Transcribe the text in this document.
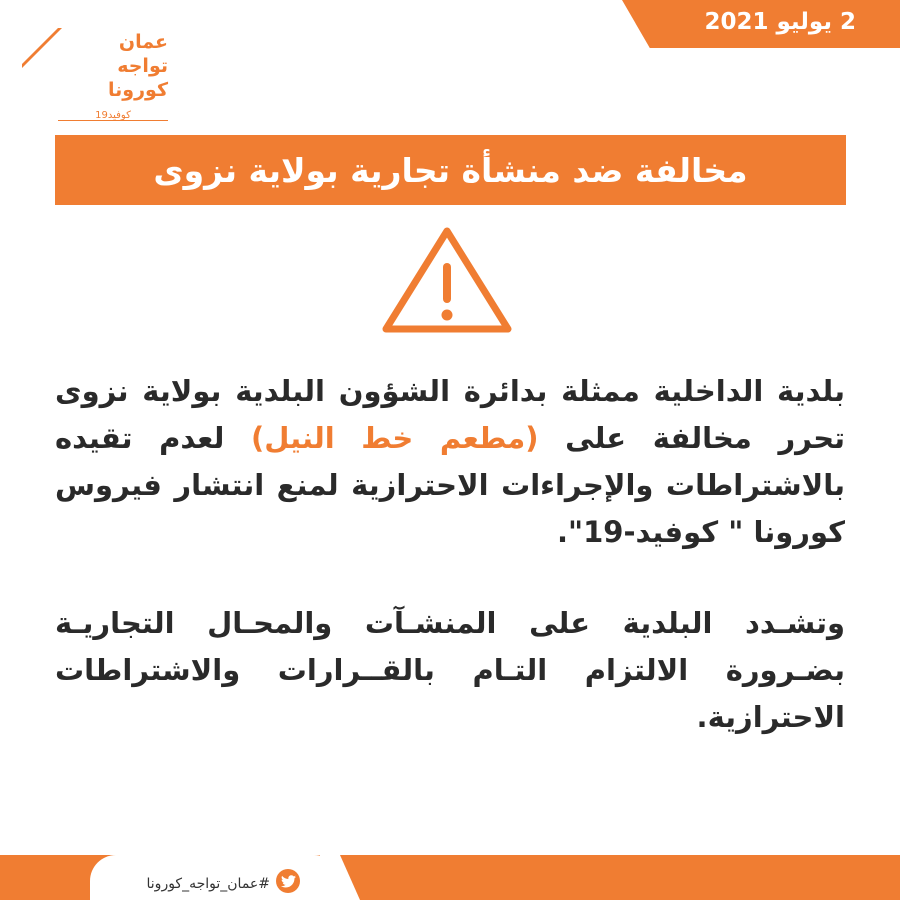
2 يوليو 2021
عمان
تواجه
كورونا
كوفيد19
مخالفة ضد منشأة تجارية بولاية نزوى

بلدية الداخلية ممثلة بدائرة الشؤون البلدية بولاية نزوى تحرر مخالفة على (مطعم خط النيل) لعدم تقيده بالاشتراطات والإجراءات الاحترازية لمنع انتشار فيروس كورونا " كوفيد-19".

وتشـدد البلدية على المنشـآت والمحـال التجاريـة بضـرورة الالتزام التـام بالقــرارات والاشتراطات الاحترازية.

#عمان_تواجه_كورونا
